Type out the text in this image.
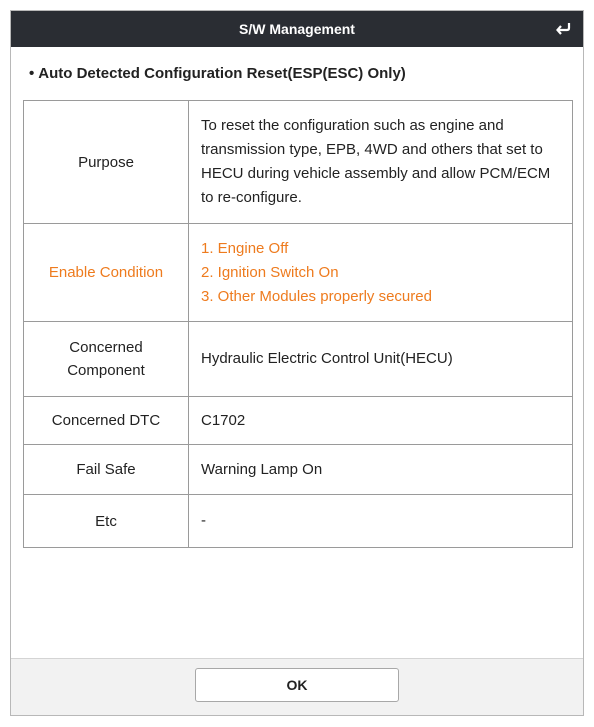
S/W Management
• Auto Detected Configuration Reset(ESP(ESC) Only)
Purpose	To reset the configuration such as engine and transmission type, EPB, 4WD and others that set to HECU during vehicle assembly and allow PCM/ECM to re-configure.

Enable Condition	1. Engine Off
2. Ignition Switch On
3. Other Modules properly secured

Concerned Component	Hydraulic Electric Control Unit(HECU)
Concerned DTC	C1702
Fail Safe	Warning Lamp On
Etc	-
OK
